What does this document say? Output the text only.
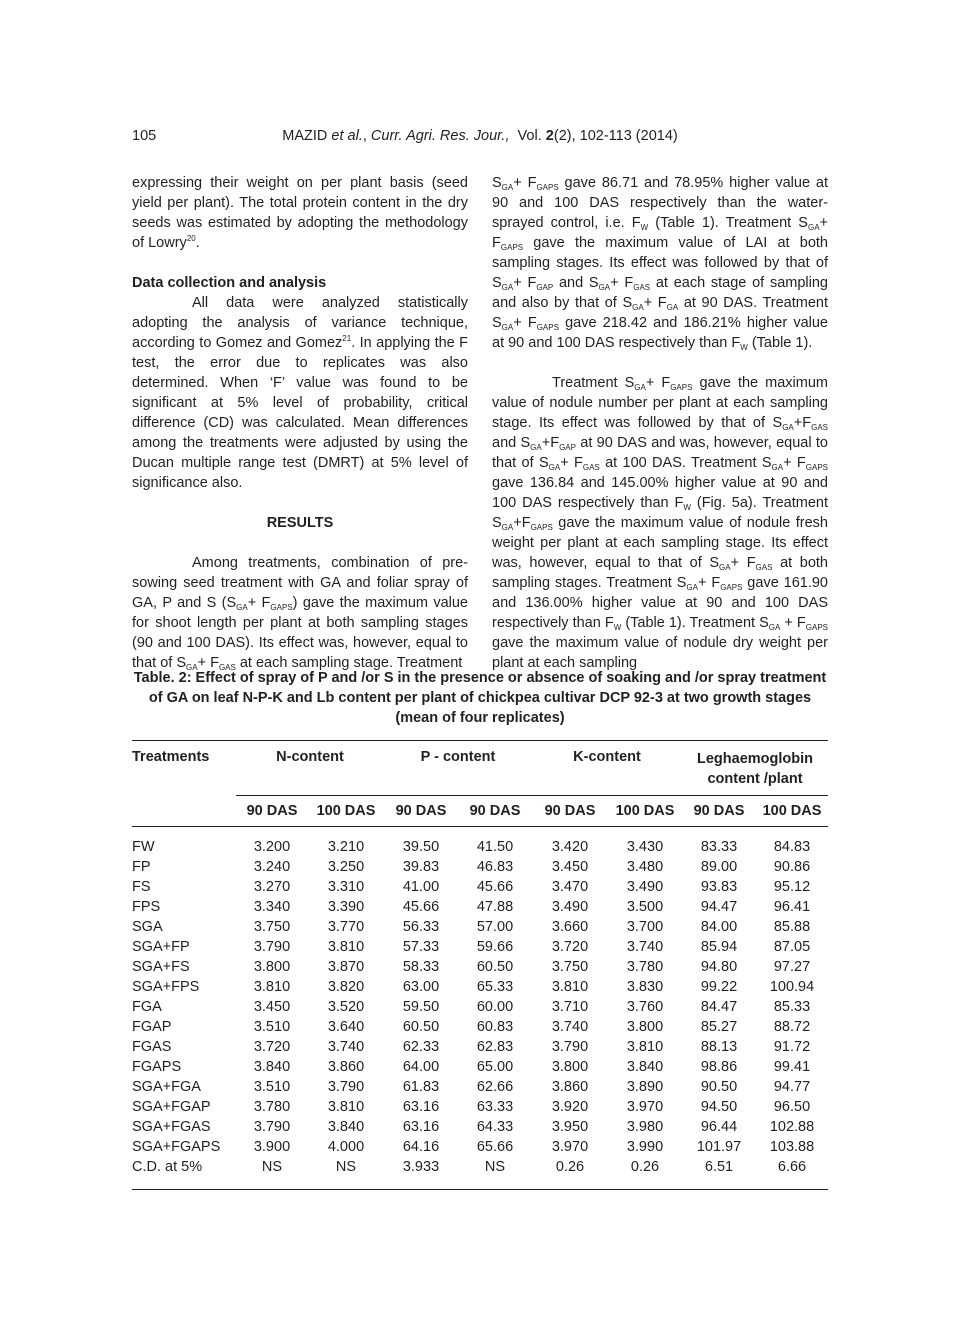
105	MAZID et al., Curr. Agri. Res. Jour.,  Vol. 2(2), 102-113 (2014)

expressing their weight on per plant basis (seed yield per plant). The total protein content in the dry seeds was estimated by adopting the methodology of Lowry$^{20}$.

Data collection and analysis

All data were analyzed statistically adopting the analysis of variance technique, according to Gomez and Gomez$^{21}$. In applying the F test, the error due to replicates was also determined. When ‘F’ value was found to be significant at 5% level of probability, critical difference (CD) was calculated. Mean differences among the treatments were adjusted by using the Ducan multiple range test (DMRT) at 5% level of significance also.

RESULTS

Among treatments, combination of pre-sowing seed treatment with GA and foliar spray of GA, P and S $(S_{GA}+ F_{GAPS})$ gave the maximum value for shoot length per plant at both sampling stages (90 and 100 DAS). Its effect was, however, equal to that of $S_{GA}+ F_{GAS}$ at each sampling stage. Treatment

$S_{GA}+ F_{GAPS}$ gave 86.71 and 78.95% higher value at 90 and 100 DAS respectively than the water-sprayed control, i.e. $F_W$ (Table 1). Treatment $S_{GA}+ F_{GAPS}$ gave the maximum value of LAI at both sampling stages. Its effect was followed by that of $S_{GA}+ F_{GAP}$ and $S_{GA}+ F_{GAS}$ at each stage of sampling and also by that of $S_{GA}+ F_{GA}$ at 90 DAS. Treatment $S_{GA}+ F_{GAPS}$ gave 218.42 and 186.21% higher value at 90 and 100 DAS respectively than $F_W$ (Table 1).

Treatment $S_{GA}+ F_{GAPS}$ gave the maximum value of nodule number per plant at each sampling stage. Its effect was followed by that of $S_{GA}+F_{GAS}$ and $S_{GA}+F_{GAP}$ at 90 DAS and was, however, equal to that of $S_{GA}+ F_{GAS}$ at 100 DAS. Treatment $S_{GA}+ F_{GAPS}$ gave 136.84 and 145.00% higher value at 90 and 100 DAS respectively than $F_W$ (Fig. 5a). Treatment $S_{GA}+F_{GAPS}$ gave the maximum value of nodule fresh weight per plant at each sampling stage. Its effect was, however, equal to that of $S_{GA}+ F_{GAS}$ at both sampling stages. Treatment $S_{GA}+ F_{GAPS}$ gave 161.90 and 136.00% higher value at 90 and 100 DAS respectively than $F_W$ (Table 1). Treatment $S_{GA} + F_{GAPS}$ gave the maximum value of nodule dry weight per plant at each sampling

Table. 2: Effect of spray of P and /or S in the presence or absence of soaking and /or spray treatment of GA on leaf N-P-K and Lb content per plant of chickpea cultivar DCP 92-3 at two growth stages (mean of four replicates)
Treatments	N-content		P - content		K-content		Leghaemoglobin content /plant	
	90 DAS	100 DAS	90 DAS	90 DAS	90 DAS	100 DAS	90 DAS	100 DAS

FW	3.200	3.210	39.50	41.50	3.420	3.430	83.33	84.83
FP	3.240	3.250	39.83	46.83	3.450	3.480	89.00	90.86
FS	3.270	3.310	41.00	45.66	3.470	3.490	93.83	95.12
FPS	3.340	3.390	45.66	47.88	3.490	3.500	94.47	96.41
SGA	3.750	3.770	56.33	57.00	3.660	3.700	84.00	85.88
SGA+FP	3.790	3.810	57.33	59.66	3.720	3.740	85.94	87.05
SGA+FS	3.800	3.870	58.33	60.50	3.750	3.780	94.80	97.27
SGA+FPS	3.810	3.820	63.00	65.33	3.810	3.830	99.22	100.94
FGA	3.450	3.520	59.50	60.00	3.710	3.760	84.47	85.33
FGAP	3.510	3.640	60.50	60.83	3.740	3.800	85.27	88.72
FGAS	3.720	3.740	62.33	62.83	3.790	3.810	88.13	91.72
FGAPS	3.840	3.860	64.00	65.00	3.800	3.840	98.86	99.41
SGA+FGA	3.510	3.790	61.83	62.66	3.860	3.890	90.50	94.77
SGA+FGAP	3.780	3.810	63.16	63.33	3.920	3.970	94.50	96.50
SGA+FGAS	3.790	3.840	63.16	64.33	3.950	3.980	96.44	102.88
SGA+FGAPS	3.900	4.000	64.16	65.66	3.970	3.990	101.97	103.88
C.D. at 5%	NS	NS	3.933	NS	0.26	0.26	6.51	6.66
